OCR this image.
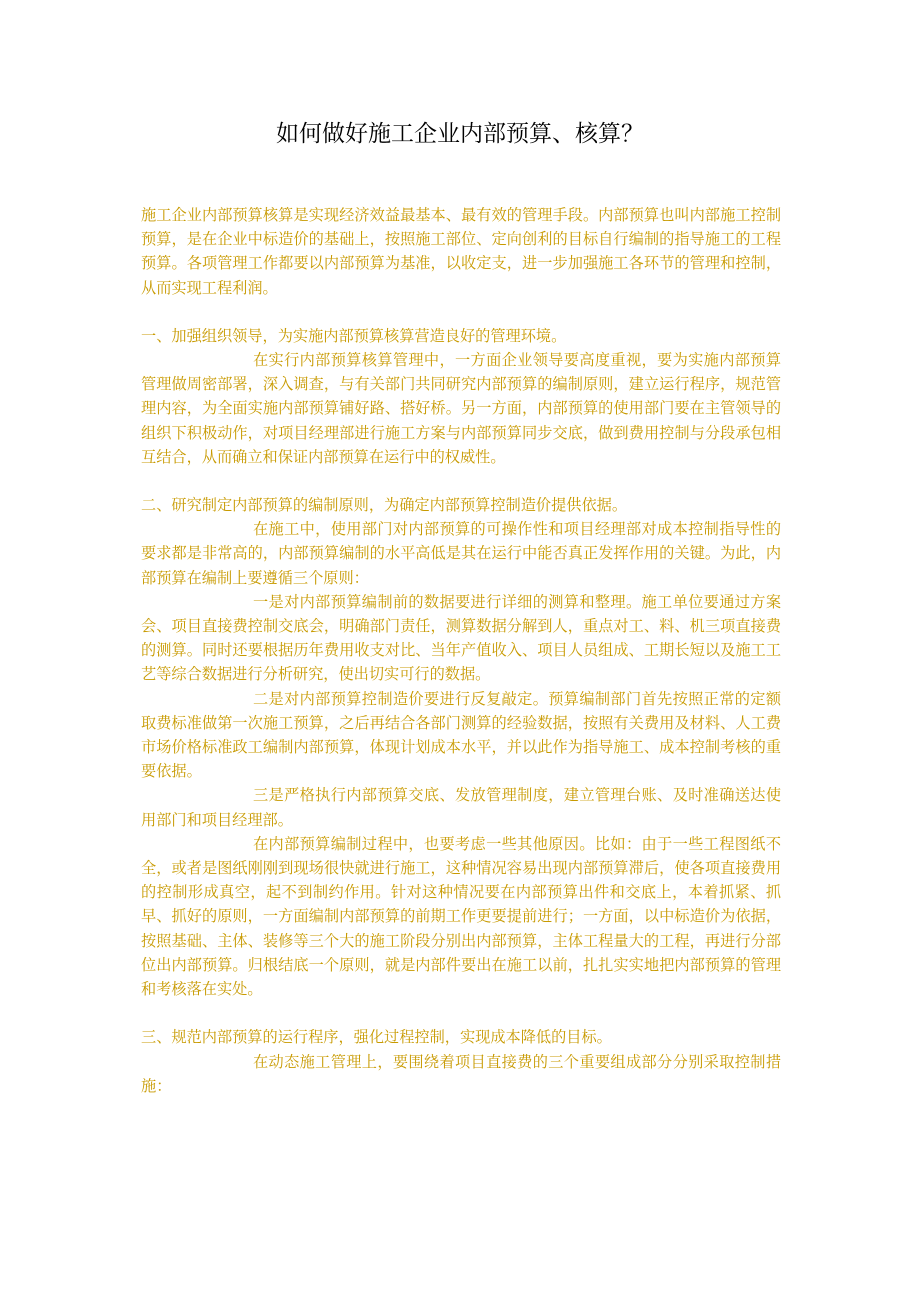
如何做好施工企业内部预算、核算？

施工企业内部预算核算是实现经济效益最基本、最有效的管理手段。内部预算也叫内部施工控制预算，是在企业中标造价的基础上，按照施工部位、定向创利的目标自行编制的指导施工的工程预算。各项管理工作都要以内部预算为基准，以收定支，进一步加强施工各环节的管理和控制，从而实现工程利润。

一、加强组织领导，为实施内部预算核算营造良好的管理环境。

在实行内部预算核算管理中，一方面企业领导要高度重视，要为实施内部预算管理做周密部署，深入调查，与有关部门共同研究内部预算的编制原则，建立运行程序，规范管理内容，为全面实施内部预算铺好路、搭好桥。另一方面，内部预算的使用部门要在主管领导的组织下积极动作，对项目经理部进行施工方案与内部预算同步交底，做到费用控制与分段承包相互结合，从而确立和保证内部预算在运行中的权威性。

二、研究制定内部预算的编制原则，为确定内部预算控制造价提供依据。

在施工中，使用部门对内部预算的可操作性和项目经理部对成本控制指导性的要求都是非常高的，内部预算编制的水平高低是其在运行中能否真正发挥作用的关键。为此，内部预算在编制上要遵循三个原则：

一是对内部预算编制前的数据要进行详细的测算和整理。施工单位要通过方案会、项目直接费控制交底会，明确部门责任，测算数据分解到人，重点对工、料、机三项直接费的测算。同时还要根据历年费用收支对比、当年产值收入、项目人员组成、工期长短以及施工工艺等综合数据进行分析研究，使出切实可行的数据。

二是对内部预算控制造价要进行反复敲定。预算编制部门首先按照正常的定额取费标准做第一次施工预算，之后再结合各部门测算的经验数据，按照有关费用及材料、人工费市场价格标准政工编制内部预算，体现计划成本水平，并以此作为指导施工、成本控制考核的重要依据。

三是严格执行内部预算交底、发放管理制度，建立管理台账、及时准确送达使用部门和项目经理部。

在内部预算编制过程中，也要考虑一些其他原因。比如：由于一些工程图纸不全，或者是图纸刚刚到现场很快就进行施工，这种情况容易出现内部预算滞后，使各项直接费用的控制形成真空，起不到制约作用。针对这种情况要在内部预算出件和交底上，本着抓紧、抓早、抓好的原则，一方面编制内部预算的前期工作更要提前进行；一方面，以中标造价为依据，按照基础、主体、装修等三个大的施工阶段分别出内部预算，主体工程量大的工程，再进行分部位出内部预算。归根结底一个原则，就是内部件要出在施工以前，扎扎实实地把内部预算的管理和考核落在实处。

三、规范内部预算的运行程序，强化过程控制，实现成本降低的目标。

在动态施工管理上，要围绕着项目直接费的三个重要组成部分分别采取控制措施：
